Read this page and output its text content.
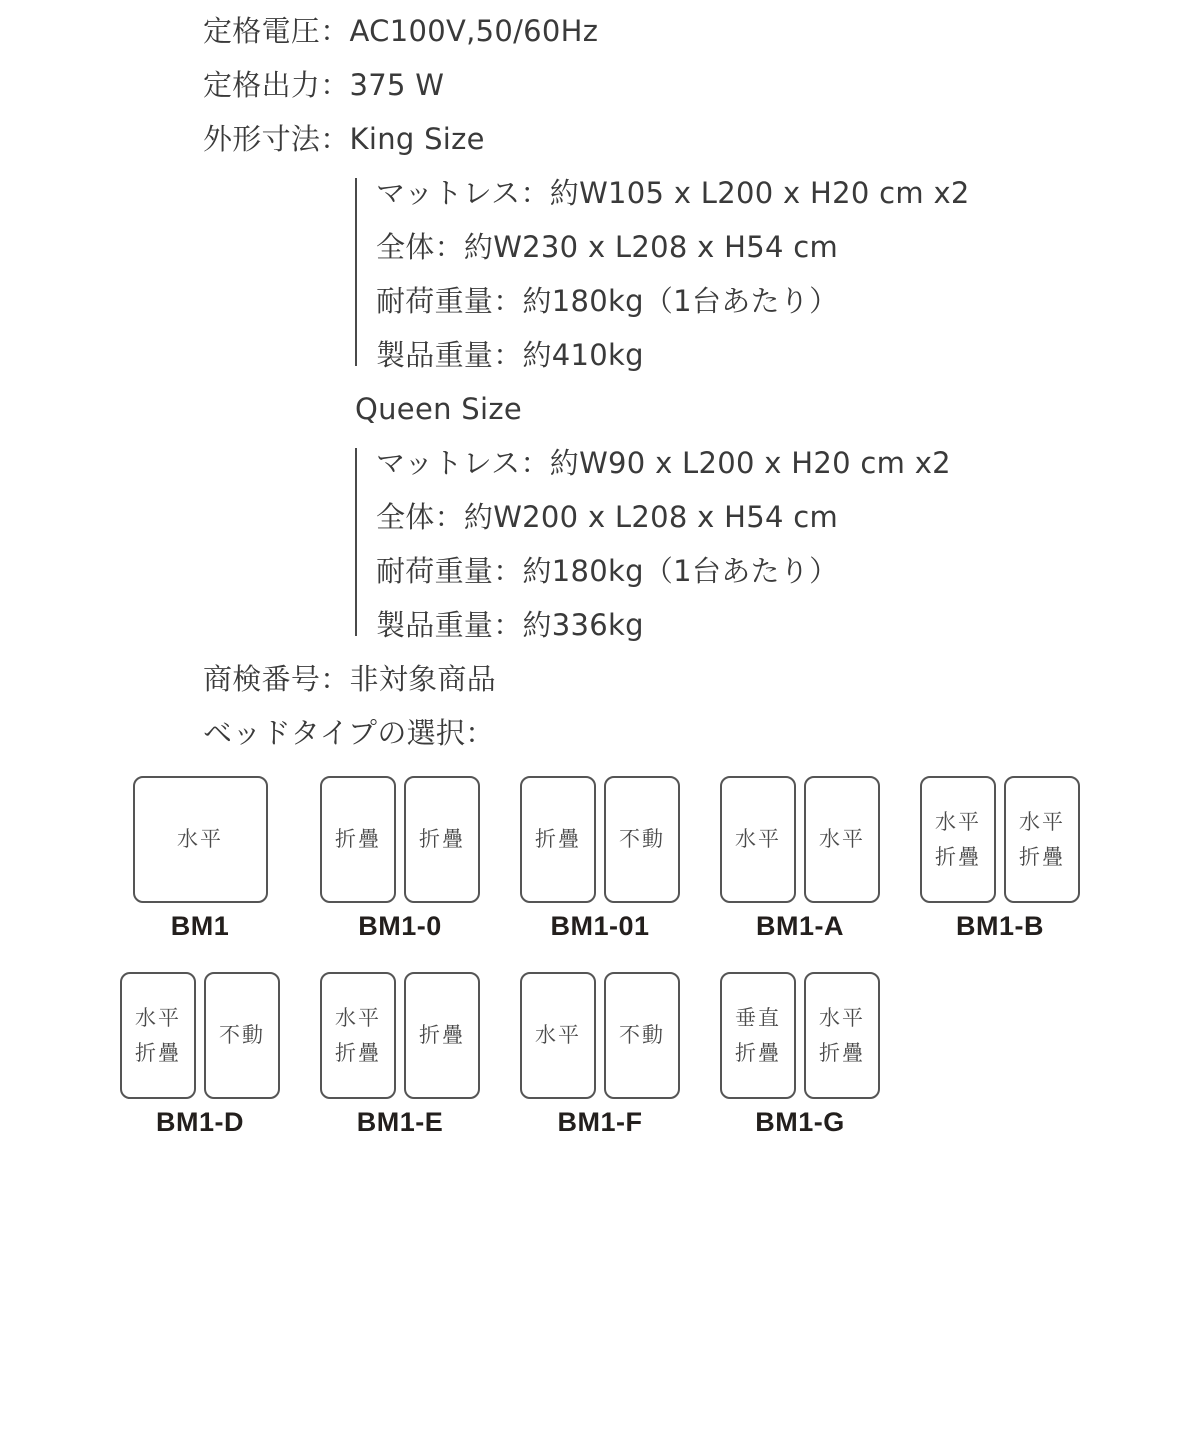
定格電圧：AC100V,50/60Hz
定格出力：375 W
外形寸法：King Size
マットレス：約W105 x L200 x H20 cm x2
全体：約W230 x L208 x H54 cm
耐荷重量：約180kg（1台あたり）
製品重量：約410kg
Queen Size
マットレス：約W90 x L200 x H20 cm x2
全体：約W200 x L208 x H54 cm
耐荷重量：約180kg（1台あたり）
製品重量：約336kg
商検番号：非対象商品
ベッドタイプの選択：
水平
BM1
折疊 折疊
BM1-0
折疊 不動
BM1-01
水平 水平
BM1-A
水平
折疊
水平
折疊
BM1-B
水平
折疊
不動
BM1-D
水平
折疊
折疊
BM1-E
水平 不動
BM1-F
垂直
折疊
水平
折疊
BM1-G
